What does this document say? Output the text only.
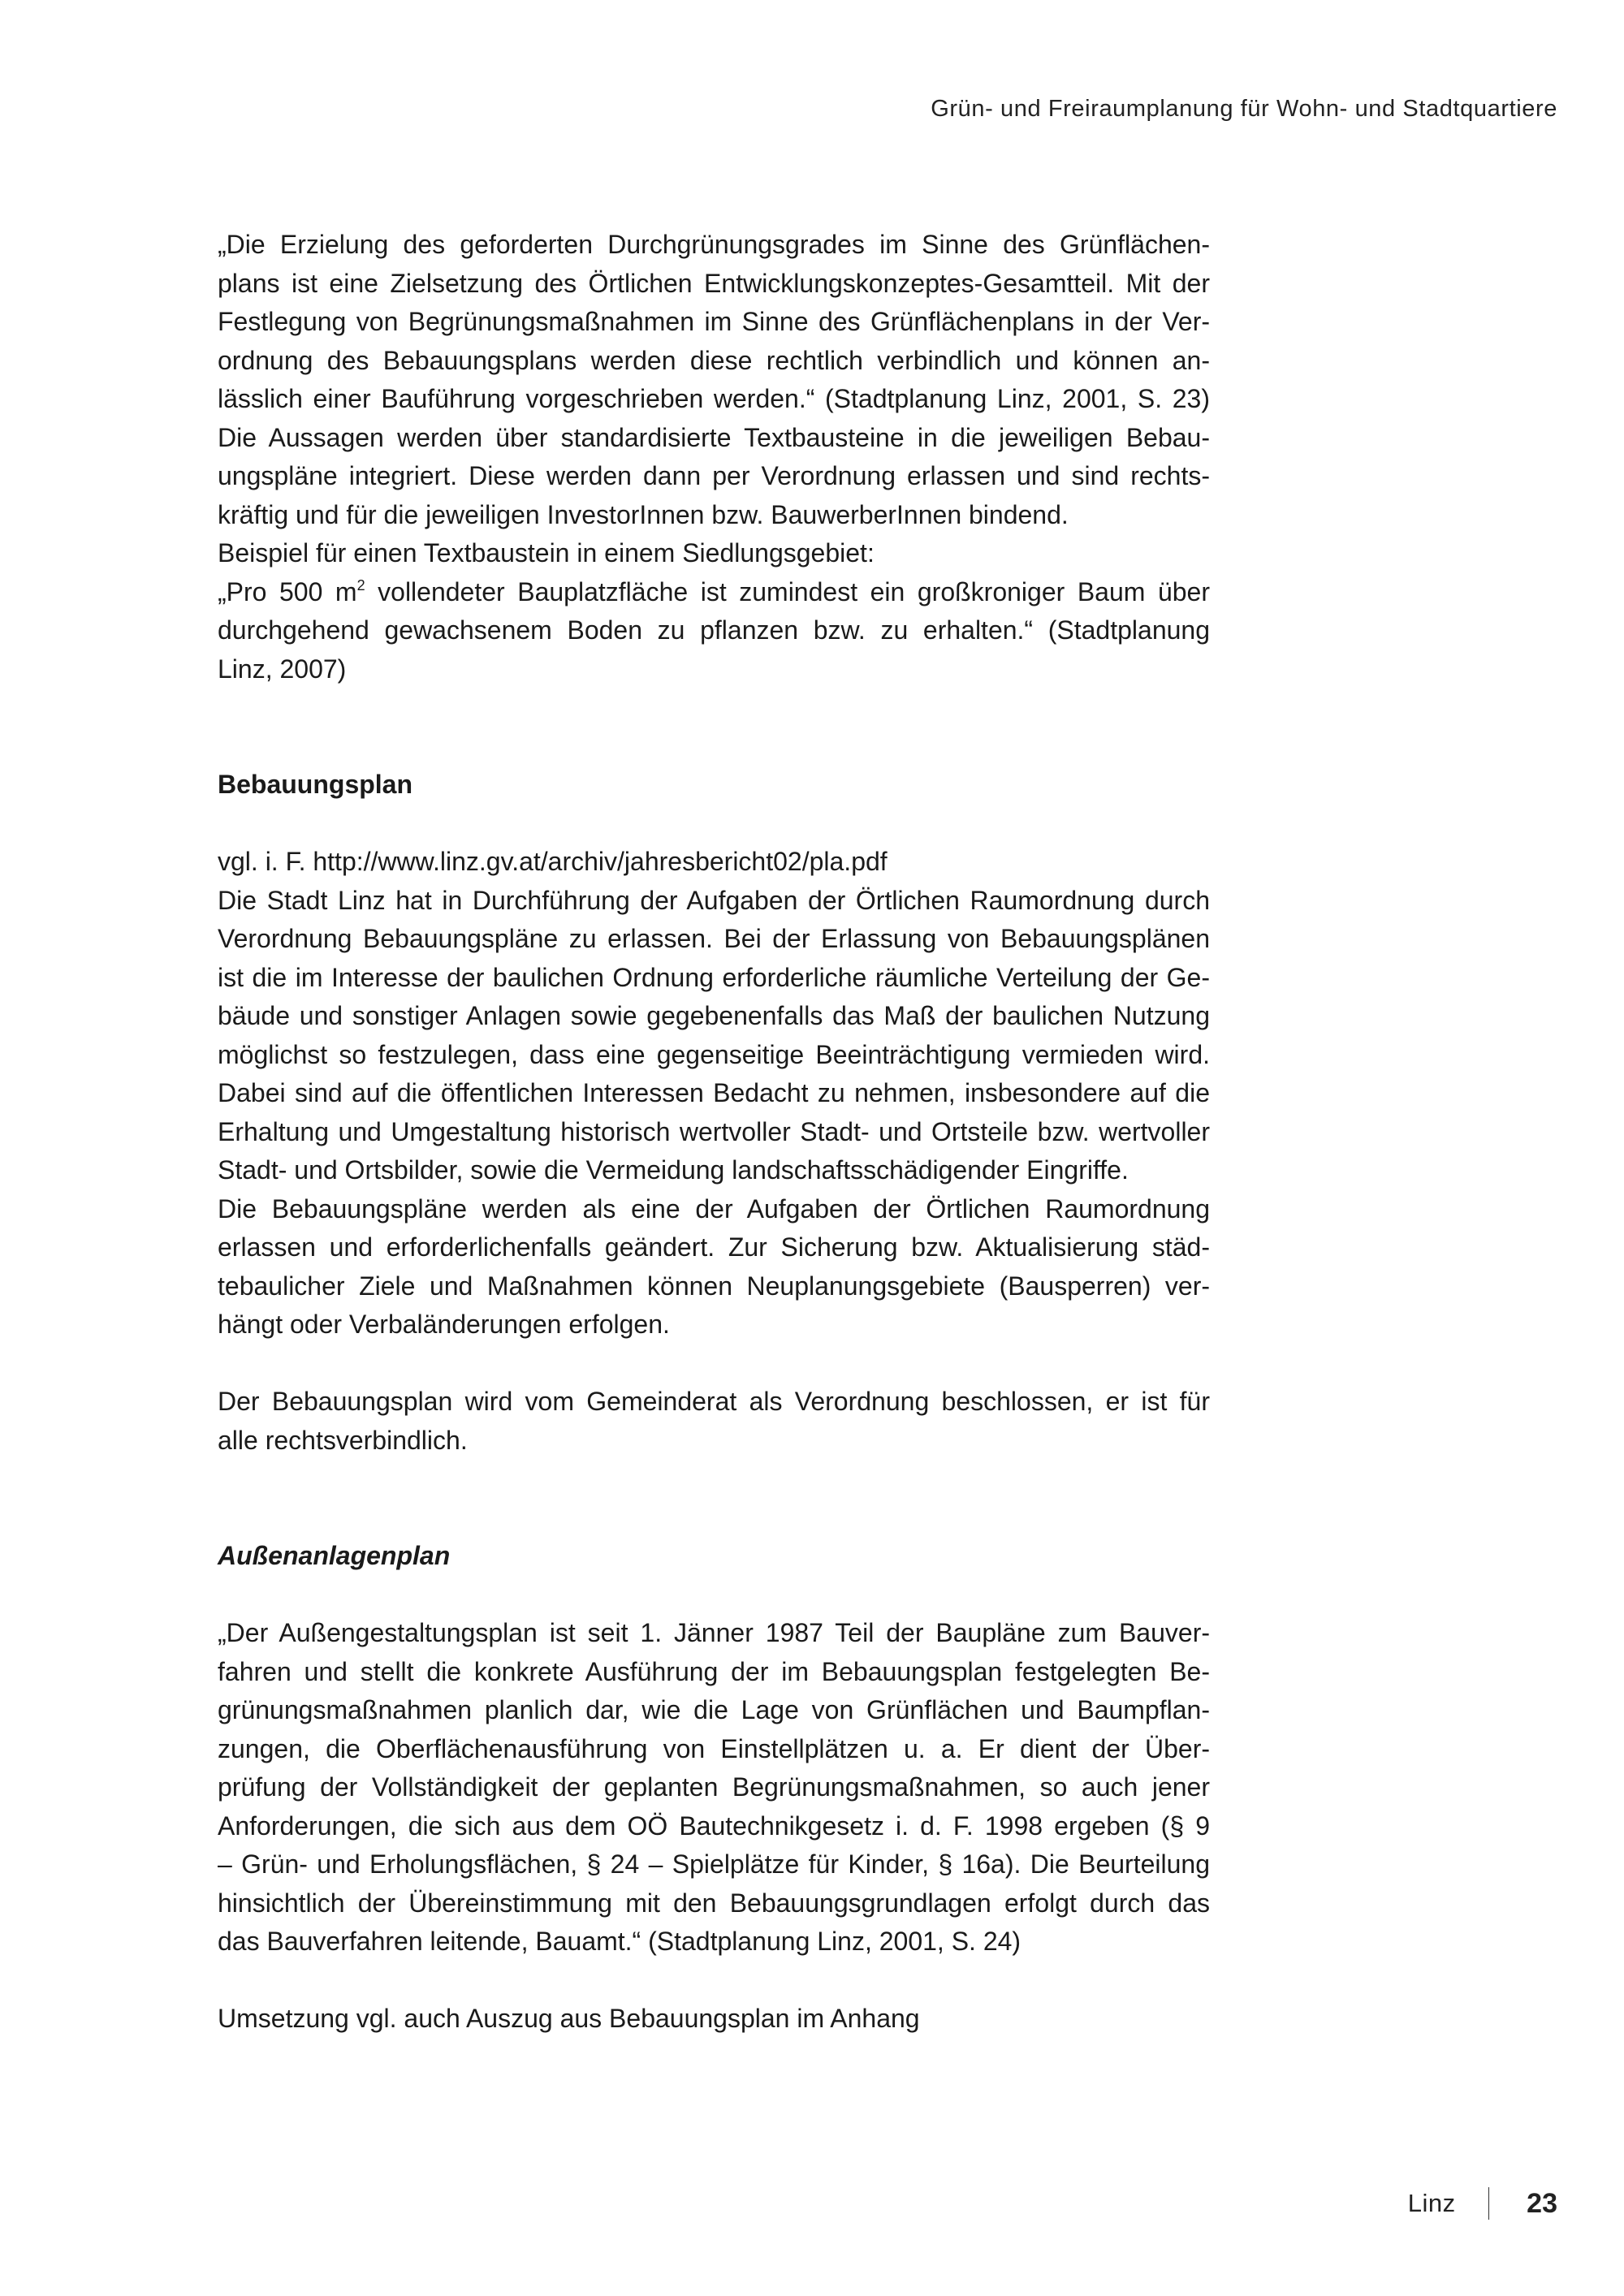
Grün- und Freiraumplanung für Wohn- und Stadtquartiere
„Die Erzielung des geforderten Durchgrünungsgrades im Sinne des Grünflächen-
plans ist eine Zielsetzung des Örtlichen Entwicklungskonzeptes-Gesamtteil. Mit der
Festlegung von Begrünungsmaßnahmen im Sinne des Grünflächenplans in der Ver-
ordnung des Bebauungsplans werden diese rechtlich verbindlich und können an-
lässlich einer Bauführung vorgeschrieben werden.“ (Stadtplanung Linz, 2001, S. 23)
Die Aussagen werden über standardisierte Textbausteine in die jeweiligen Bebau-
ungspläne integriert. Diese werden dann per Verordnung erlassen und sind rechts-
kräftig und für die jeweiligen InvestorInnen bzw. BauwerberInnen bindend.
Beispiel für einen Textbaustein in einem Siedlungsgebiet:
„Pro 500 $m^2$ vollendeter Bauplatzfläche ist zumindest ein großkroniger Baum über
durchgehend gewachsenem Boden zu pflanzen bzw. zu erhalten.“ (Stadtplanung
Linz, 2007)
Bebauungsplan
vgl. i. F. http://www.linz.gv.at/archiv/jahresbericht02/pla.pdf
Die Stadt Linz hat in Durchführung der Aufgaben der Örtlichen Raumordnung durch
Verordnung Bebauungspläne zu erlassen. Bei der Erlassung von Bebauungsplänen
ist die im Interesse der baulichen Ordnung erforderliche räumliche Verteilung der Ge-
bäude und sonstiger Anlagen sowie gegebenenfalls das Maß der baulichen Nutzung
möglichst so festzulegen, dass eine gegenseitige Beeinträchtigung vermieden wird.
Dabei sind auf die öffentlichen Interessen Bedacht zu nehmen, insbesondere auf die
Erhaltung und Umgestaltung historisch wertvoller Stadt- und Ortsteile bzw. wertvoller
Stadt- und Ortsbilder, sowie die Vermeidung landschaftsschädigender Eingriffe.
Die Bebauungspläne werden als eine der Aufgaben der Örtlichen Raumordnung
erlassen und erforderlichenfalls geändert. Zur Sicherung bzw. Aktualisierung städ-
tebaulicher Ziele und Maßnahmen können Neuplanungsgebiete (Bausperren) ver-
hängt oder Verbaländerungen erfolgen.
Der Bebauungsplan wird vom Gemeinderat als Verordnung beschlossen, er ist für
alle rechtsverbindlich.
Außenanlagenplan
„Der Außengestaltungsplan ist seit 1. Jänner 1987 Teil der Baupläne zum Bauver-
fahren und stellt die konkrete Ausführung der im Bebauungsplan festgelegten Be-
grünungsmaßnahmen planlich dar, wie die Lage von Grünflächen und Baumpflan-
zungen, die Oberflächenausführung von Einstellplätzen u. a. Er dient der Über-
prüfung der Vollständigkeit der geplanten Begrünungsmaßnahmen, so auch jener
Anforderungen, die sich aus dem OÖ Bautechnikgesetz i. d. F. 1998 ergeben (§ 9
– Grün- und Erholungsflächen, § 24 – Spielplätze für Kinder, § 16a). Die Beurteilung
hinsichtlich der Übereinstimmung mit den Bebauungsgrundlagen erfolgt durch das
das Bauverfahren leitende, Bauamt.“ (Stadtplanung Linz, 2001, S. 24)
Umsetzung vgl. auch Auszug aus Bebauungsplan im Anhang
Linz	23
